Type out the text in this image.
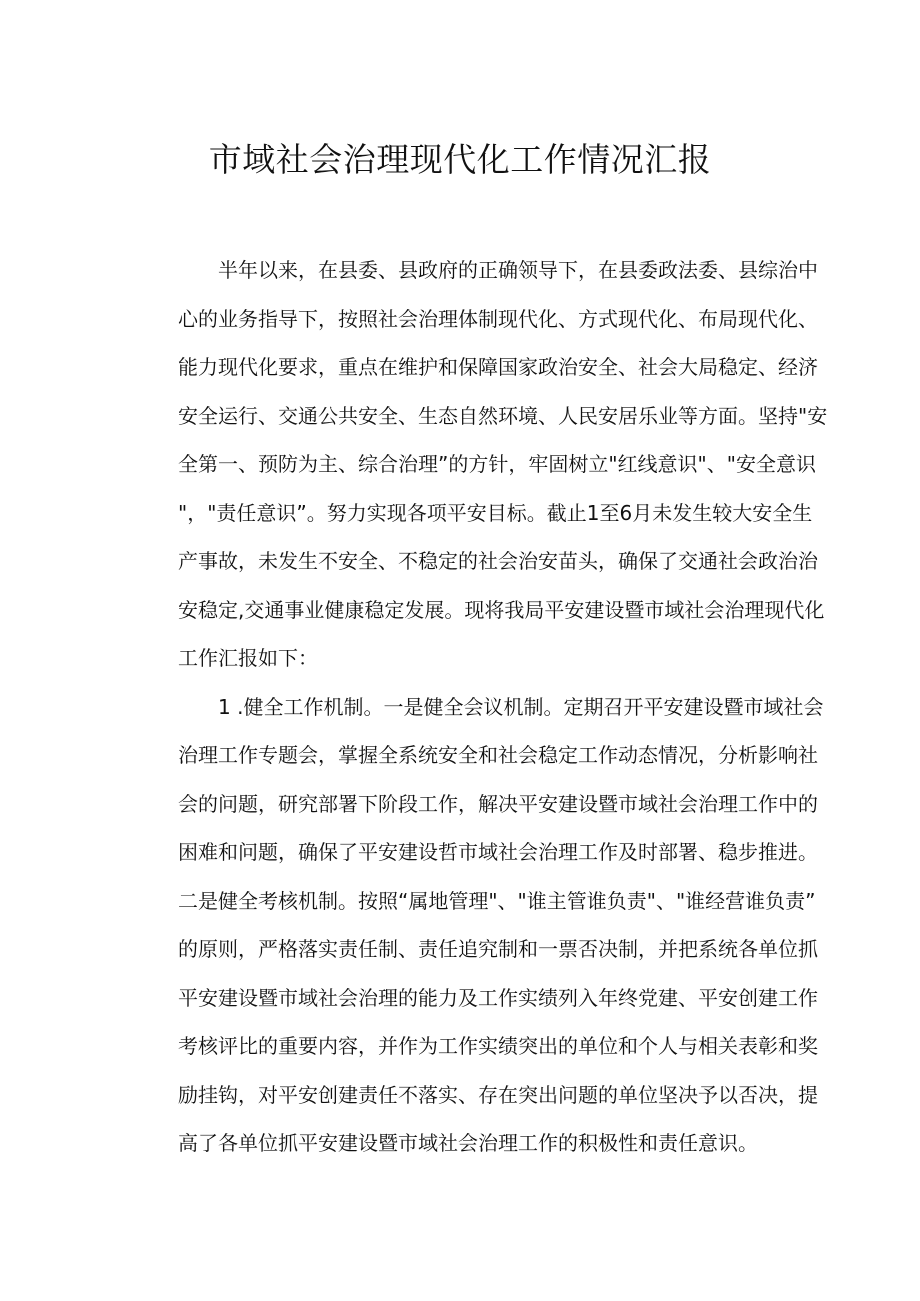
市域社会治理现代化工作情况汇报
半年以来，在县委、县政府的正确领导下，在县委政法委、县综治中
心的业务指导下，按照社会治理体制现代化、方式现代化、布局现代化、
能力现代化要求，重点在维护和保障国家政治安全、社会大局稳定、经济
安全运行、交通公共安全、生态自然环境、人民安居乐业等方面。坚持"安
全第一、预防为主、综合治理”的方针，牢固树立"红线意识"、"安全意识
"，"责任意识”。努力实现各项平安目标。截止1至6月未发生较大安全生
产事故，未发生不安全、不稳定的社会治安苗头，确保了交通社会政治治
安稳定,交通事业健康稳定发展。现将我局平安建设暨市域社会治理现代化
工作汇报如下：
1 .健全工作机制。一是健全会议机制。定期召开平安建设暨市域社会
治理工作专题会，掌握全系统安全和社会稳定工作动态情况，分析影响社
会的问题，研究部署下阶段工作，解决平安建设暨市域社会治理工作中的
困难和问题，确保了平安建设哲市域社会治理工作及时部署、稳步推进。
二是健全考核机制。按照“属地管理"、"谁主管谁负责"、"谁经营谁负责”
的原则，严格落实责任制、责任追究制和一票否决制，并把系统各单位抓
平安建设暨市域社会治理的能力及工作实绩列入年终党建、平安创建工作
考核评比的重要内容，并作为工作实绩突出的单位和个人与相关表彰和奖
励挂钩，对平安创建责任不落实、存在突出问题的单位坚决予以否决，提
高了各单位抓平安建设暨市域社会治理工作的积极性和责任意识。
